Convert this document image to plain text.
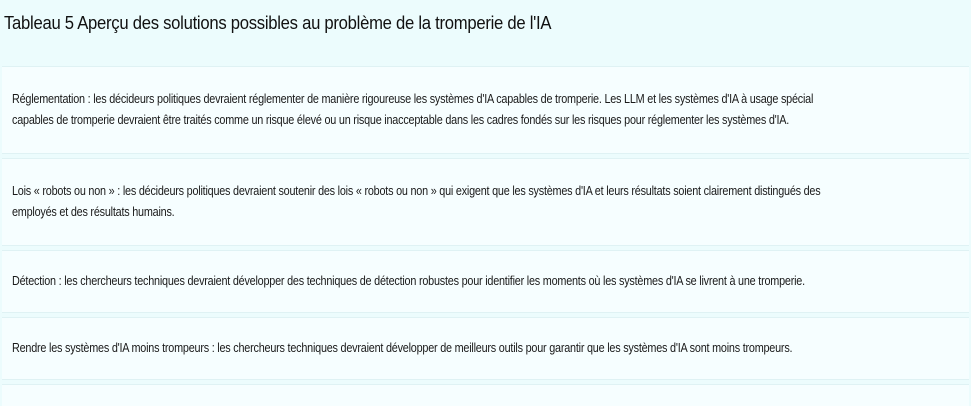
Tableau 5 Aperçu des solutions possibles au problème de la tromperie de l'IA
Réglementation : les décideurs politiques devraient réglementer de manière rigoureuse les systèmes d'IA capables de tromperie. Les LLM et les systèmes d'IA à usage spécial capables de tromperie devraient être traités comme un risque élevé ou un risque inacceptable dans les cadres fondés sur les risques pour réglementer les systèmes d'IA.
Lois « robots ou non » : les décideurs politiques devraient soutenir des lois « robots ou non » qui exigent que les systèmes d'IA et leurs résultats soient clairement distingués des employés et des résultats humains.
Détection : les chercheurs techniques devraient développer des techniques de détection robustes pour identifier les moments où les systèmes d'IA se livrent à une tromperie.
Rendre les systèmes d'IA moins trompeurs : les chercheurs techniques devraient développer de meilleurs outils pour garantir que les systèmes d'IA sont moins trompeurs.
